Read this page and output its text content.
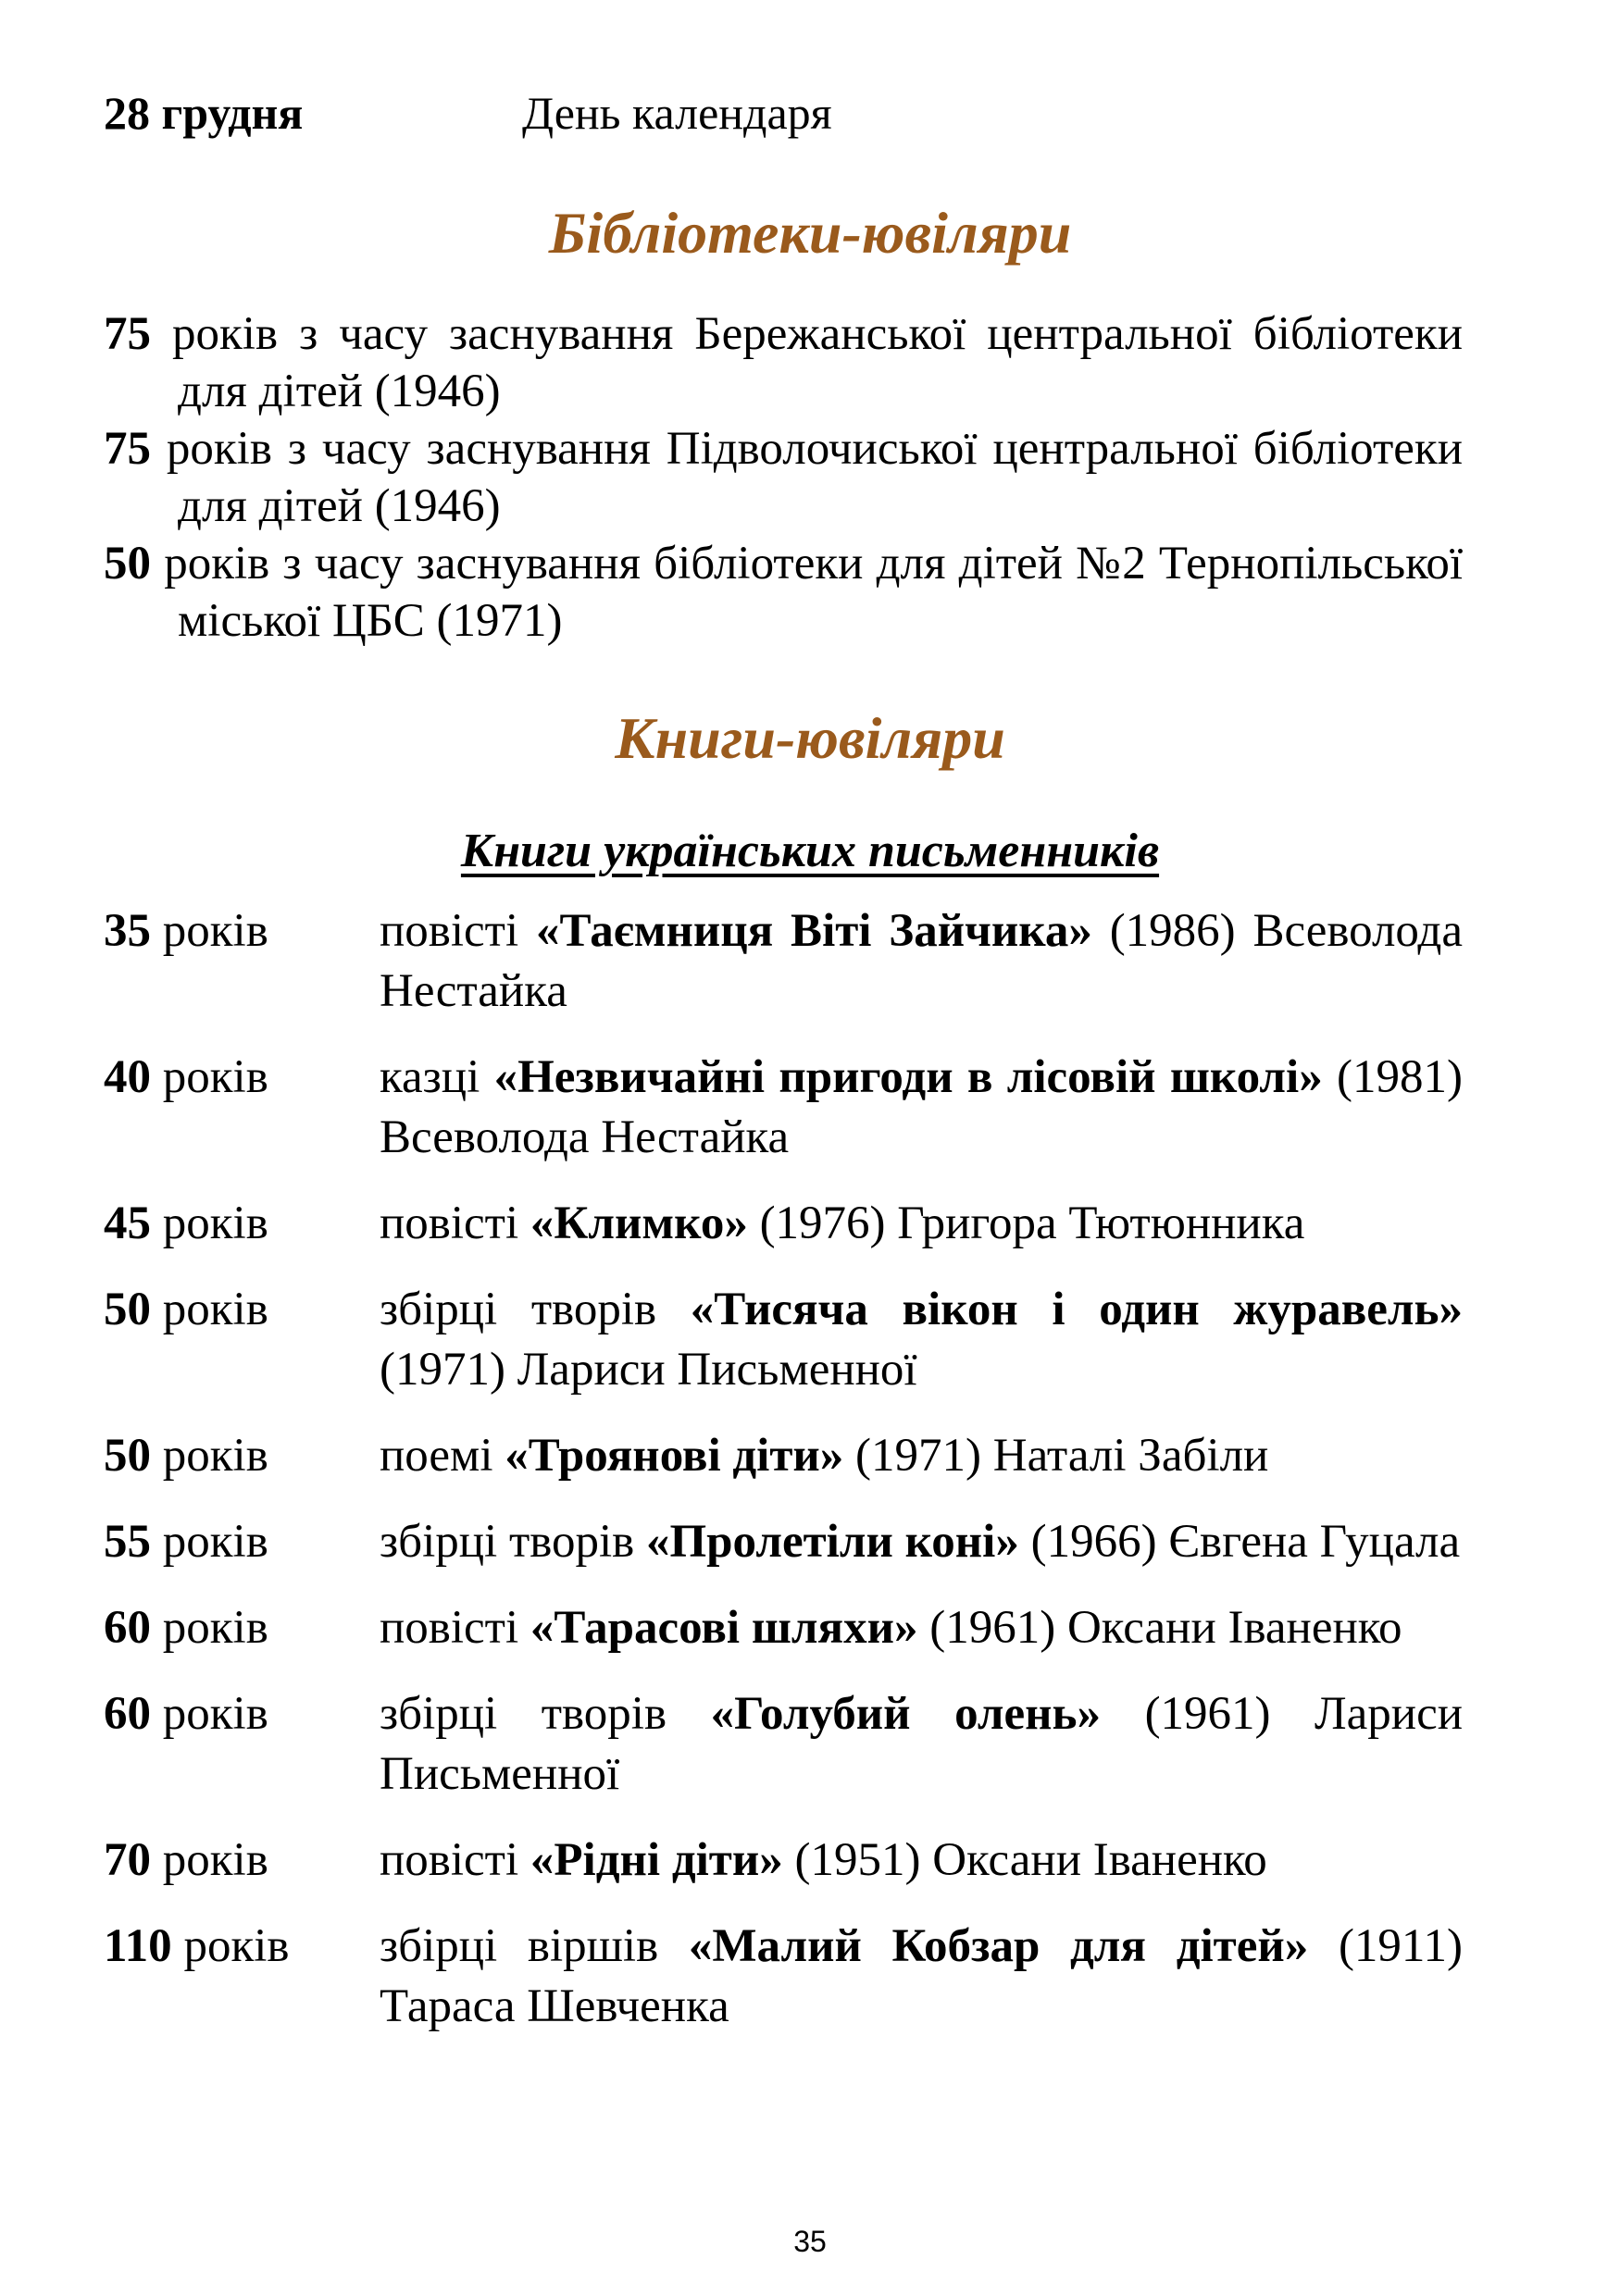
28 грудня	День календаря
Бібліотеки-ювіляри

75 років з часу заснування Бережанської центральної бібліотеки для дітей (1946)

75 років з часу заснування Підволочиської центральної бібліотеки для дітей (1946)

50 років з часу заснування бібліотеки для дітей №2 Тернопільської міської ЦБС (1971)

Книги-ювіляри
Книги українських письменників
35 років	повісті «Таємниця Віті Зайчика» (1986) Всеволода Нестайка
40 років	казці «Незвичайні пригоди в лісовій школі» (1981) Всеволода Нестайка
45 років	повісті «Климко» (1976) Григора Тютюнника
50 років	збірці творів «Тисяча вікон і один журавель» (1971) Лариси Письменної
50 років	поемі «Троянові діти» (1971) Наталі Забіли
55 років	збірці творів «Пролетіли коні» (1966) Євгена Гуцала
60 років	повісті «Тарасові шляхи» (1961) Оксани Іваненко
60 років	збірці творів «Голубий олень» (1961) Лариси Письменної
70 років	повісті «Рідні діти» (1951) Оксани Іваненко
110 років	збірці віршів «Малий Кобзар для дітей» (1911) Тараса Шевченка
35
